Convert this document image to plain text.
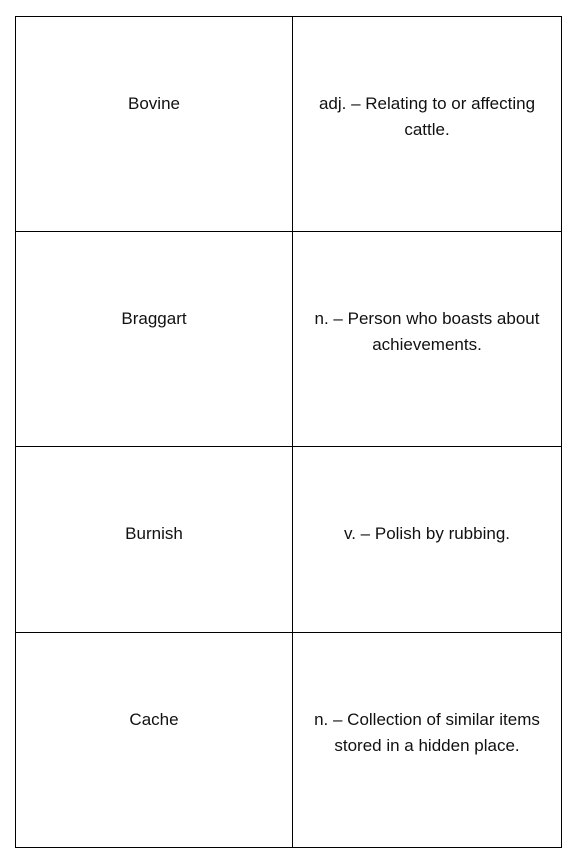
Bovine	adj. – Relating to or affecting cattle.
Braggart	n. – Person who boasts about achievements.
Burnish	v. – Polish by rubbing.
Cache	n. – Collection of similar items stored in a hidden place.
